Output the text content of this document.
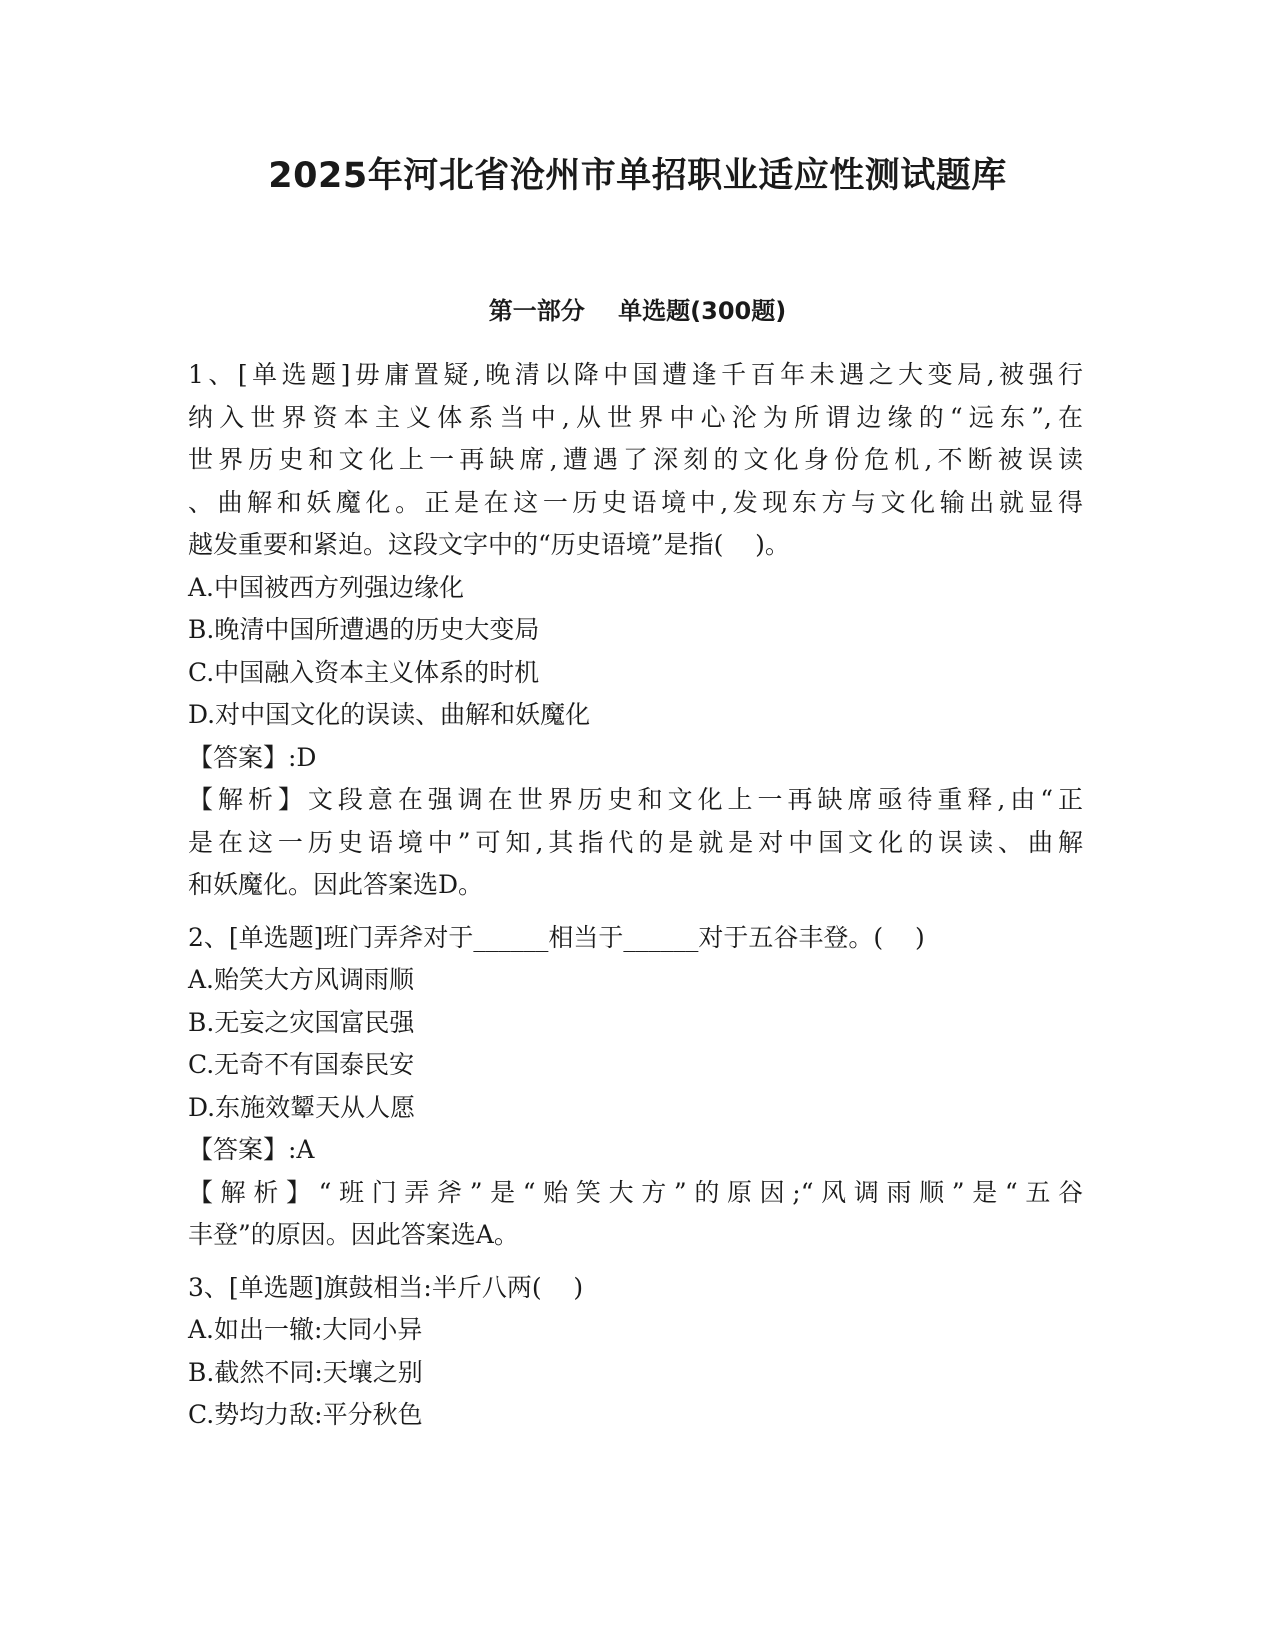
2025年河北省沧州市单招职业适应性测试题库
第一部分    单选题(300题)
1、[单选题]毋庸置疑,晚清以降中国遭逢千百年未遇之大变局,被强行
纳入世界资本主义体系当中,从世界中心沦为所谓边缘的“远东”,在
世界历史和文化上一再缺席,遭遇了深刻的文化身份危机,不断被误读
、曲解和妖魔化。正是在这一历史语境中,发现东方与文化输出就显得
越发重要和紧迫。这段文字中的“历史语境”是指(    )。
A.中国被西方列强边缘化
B.晚清中国所遭遇的历史大变局
C.中国融入资本主义体系的时机
D.对中国文化的误读、曲解和妖魔化
【答案】:D
【解析】文段意在强调在世界历史和文化上一再缺席亟待重释,由“正
是在这一历史语境中”可知,其指代的是就是对中国文化的误读、曲解
和妖魔化。因此答案选D。
2、[单选题]班门弄斧对于______相当于______对于五谷丰登。(    )
A.贻笑大方风调雨顺
B.无妄之灾国富民强
C.无奇不有国泰民安
D.东施效颦天从人愿
【答案】:A
【解析】“班门弄斧”是“贻笑大方”的原因;“风调雨顺”是“五谷
丰登”的原因。因此答案选A。
3、[单选题]旗鼓相当:半斤八两(    )
A.如出一辙:大同小异
B.截然不同:天壤之别
C.势均力敌:平分秋色
